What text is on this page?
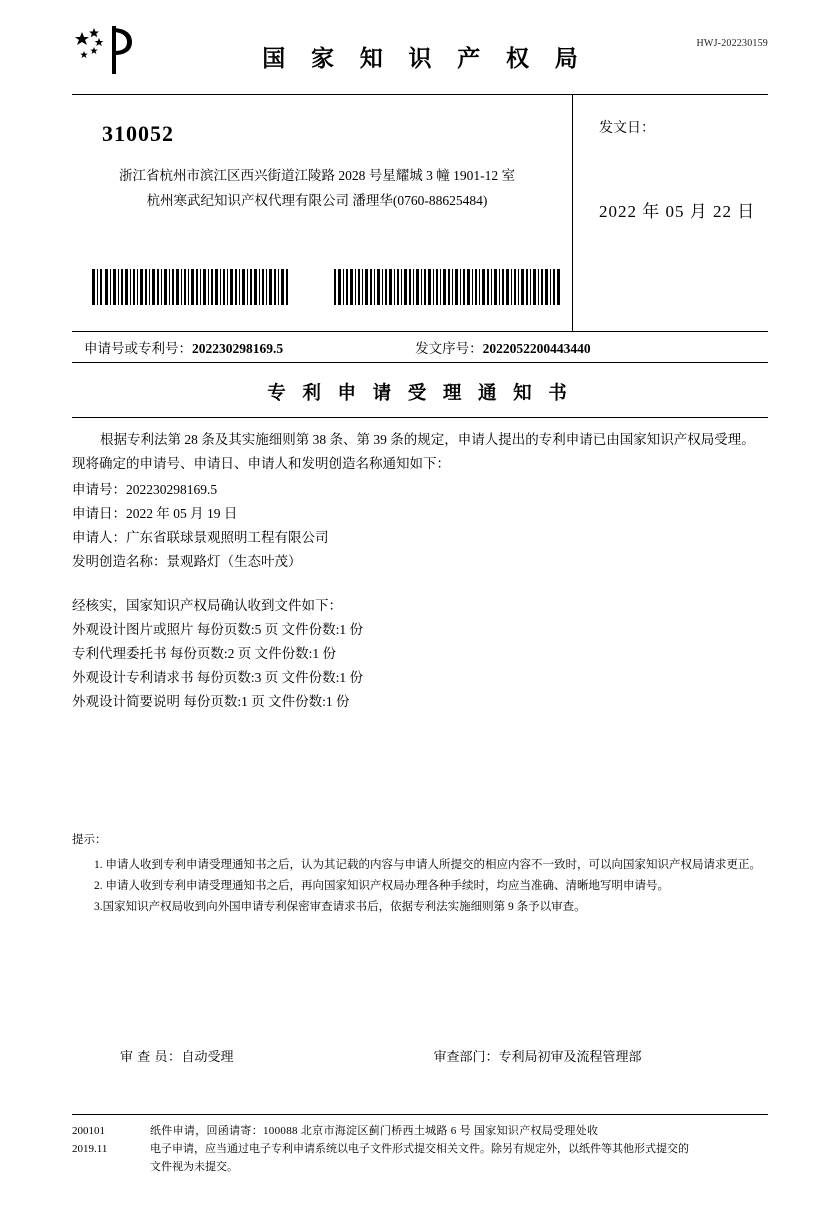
HWJ-202230159
国 家 知 识 产 权 局
310052
浙江省杭州市滨江区西兴街道江陵路 2028 号星耀城 3 幢 1901-12 室
杭州寒武纪知识产权代理有限公司 潘理华(0760-88625484)
发文日：
2022 年 05 月 22 日
申请号或专利号：202230298169.5	发文序号：2022052200443440
专 利 申 请 受 理 通 知 书
根据专利法第 28 条及其实施细则第 38 条、第 39 条的规定，申请人提出的专利申请已由国家知识产权局受理。现将确定的申请号、申请日、申请人和发明创造名称通知如下：
申请号：202230298169.5
申请日：2022 年 05 月 19 日
申请人：广东省联球景观照明工程有限公司
发明创造名称：景观路灯（生态叶茂）
经核实，国家知识产权局确认收到文件如下：
外观设计图片或照片 每份页数:5 页 文件份数:1 份
专利代理委托书 每份页数:2 页 文件份数:1 份
外观设计专利请求书 每份页数:3 页 文件份数:1 份
外观设计简要说明 每份页数:1 页 文件份数:1 份
提示：
1. 申请人收到专利申请受理通知书之后，认为其记载的内容与申请人所提交的相应内容不一致时，可以向国家知识产权局请求更正。
2. 申请人收到专利申请受理通知书之后，再向国家知识产权局办理各种手续时，均应当准确、清晰地写明申请号。
3.国家知识产权局收到向外国申请专利保密审查请求书后，依据专利法实施细则第 9 条予以审查。
审 查 员： 自动受理	审查部门： 专利局初审及流程管理部
200101
2019.11
纸件申请，回函请寄：100088 北京市海淀区蓟门桥西土城路 6 号 国家知识产权局受理处收
电子申请，应当通过电子专利申请系统以电子文件形式提交相关文件。除另有规定外，以纸件等其他形式提交的
文件视为未提交。
